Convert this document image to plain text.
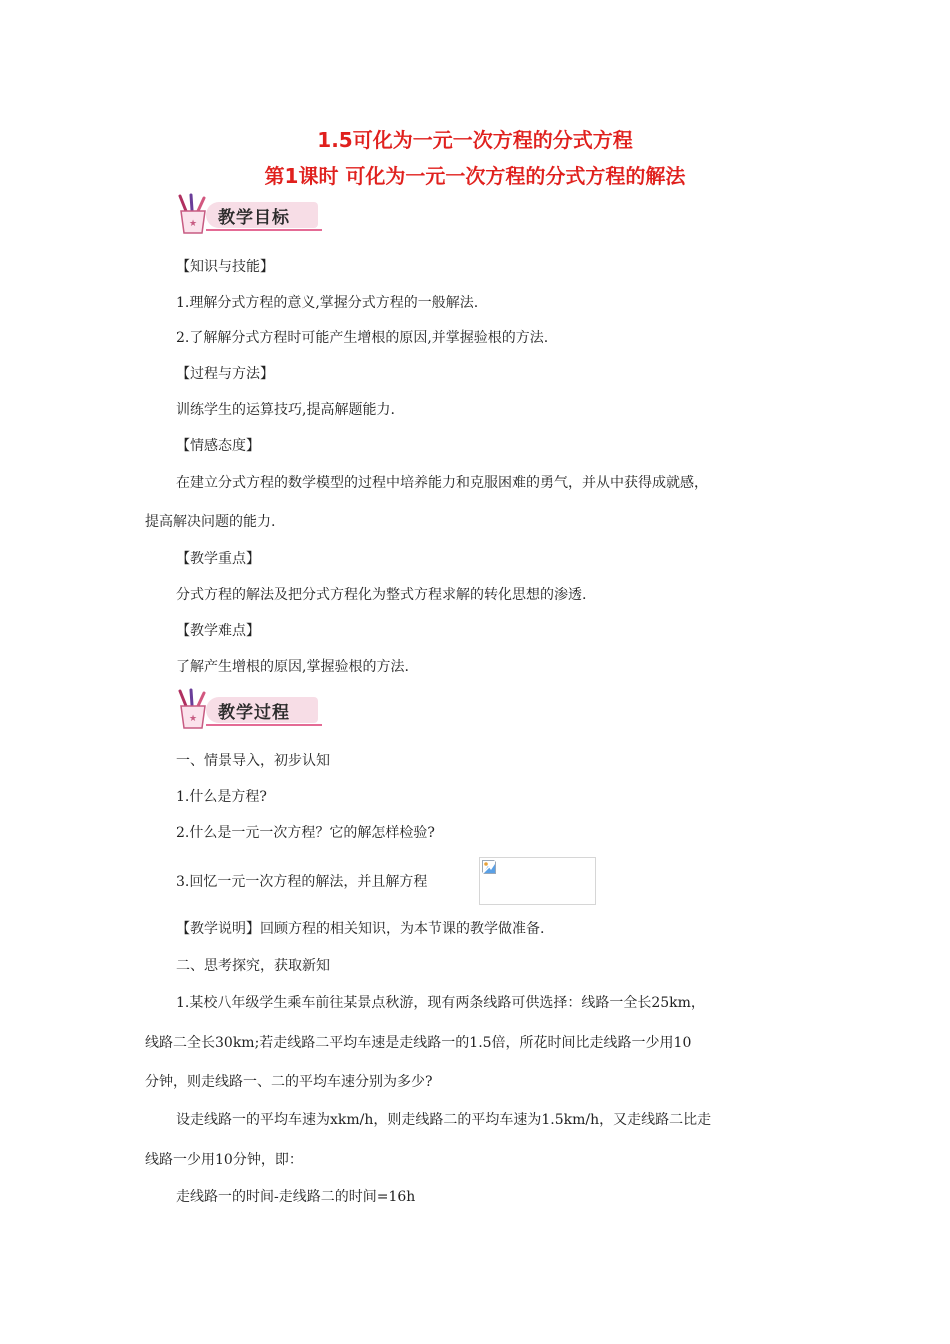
1.5可化为一元一次方程的分式方程
第1课时 可化为一元一次方程的分式方程的解法
★ 教学目标
★ 教学过程
【知识与技能】
1.理解分式方程的意义,掌握分式方程的一般解法.
2.了解解分式方程时可能产生增根的原因,并掌握验根的方法.
【过程与方法】
训练学生的运算技巧,提高解题能力.
【情感态度】
在建立分式方程的数学模型的过程中培养能力和克服困难的勇气，并从中获得成就感，
提高解决问题的能力.
【教学重点】
分式方程的解法及把分式方程化为整式方程求解的转化思想的渗透.
【教学难点】
了解产生增根的原因,掌握验根的方法.
一、情景导入，初步认知
1.什么是方程?
2.什么是一元一次方程？它的解怎样检验?
3.回忆一元一次方程的解法，并且解方程
【教学说明】回顾方程的相关知识，为本节课的教学做准备.
二、思考探究，获取新知
1.某校八年级学生乘车前往某景点秋游，现有两条线路可供选择：线路一全长25km，
线路二全长30km;若走线路二平均车速是走线路一的1.5倍，所花时间比走线路一少用10
分钟，则走线路一、二的平均车速分别为多少?
设走线路一的平均车速为xkm/h，则走线路二的平均车速为1.5km/h，又走线路二比走
线路一少用10分钟，即：
走线路一的时间-走线路二的时间=16h
